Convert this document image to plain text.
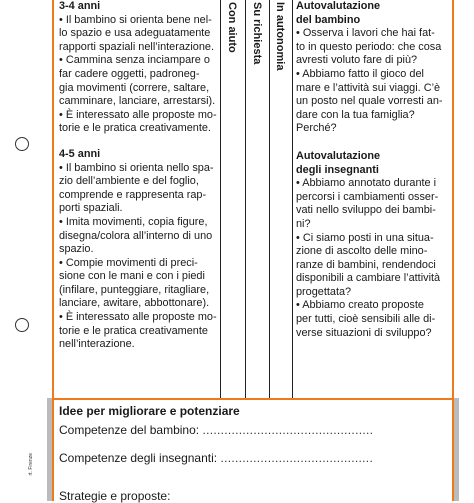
Con aiuto Su richiesta In autonomia

3-4 anni

• Il bambino si orienta bene nel-

lo spazio e usa adeguatamente

rapporti spaziali nell’interazione.

• Cammina senza inciampare o

far cadere oggetti, padroneg-

gia movimenti (correre, saltare,

camminare, lanciare, arrestarsi).

• È interessato alle proposte mo-

torie e le pratica creativamente.

4-5 anni

• Il bambino si orienta nello spa-

zio dell’ambiente e del foglio,

comprende e rappresenta rap-

porti spaziali.

• Imita movimenti, copia figure,

disegna/colora all’interno di uno

spazio.

• Compie movimenti di preci-

sione con le mani e con i piedi

(infilare, punteggiare, ritagliare,

lanciare, awitare, abbottonare).

• È interessato alle proposte mo-

torie e le pratica creativamente

nell’interazione.

Autovalutazione

del bambino

• Osserva i lavori che hai fat-

to in questo periodo: che cosa

avresti voluto fare di più?

• Abbiamo fatto il gioco del

mare e l’attività sui viaggi. C’è

un posto nel quale vorresti an-

dare con la tua famiglia? Perché?

Autovalutazione

degli insegnanti

• Abbiamo annotato durante i

percorsi i cambiamenti osser-

vati nello sviluppo dei bambi-

ni?

• Ci siamo posti in una situa-

zione di ascolto delle mino-

ranze di bambini, rendendoci

disponibili a cambiare l’attività

progettata?

• Abbiamo creato proposte

per tutti, cioè sensibili alle di-

verse situazioni di sviluppo?

Idee per migliorare e potenziare
Competenze del bambino: ...............................................
Competenze degli insegnanti: ..........................................
Strategie e proposte:
rt. Firenze
